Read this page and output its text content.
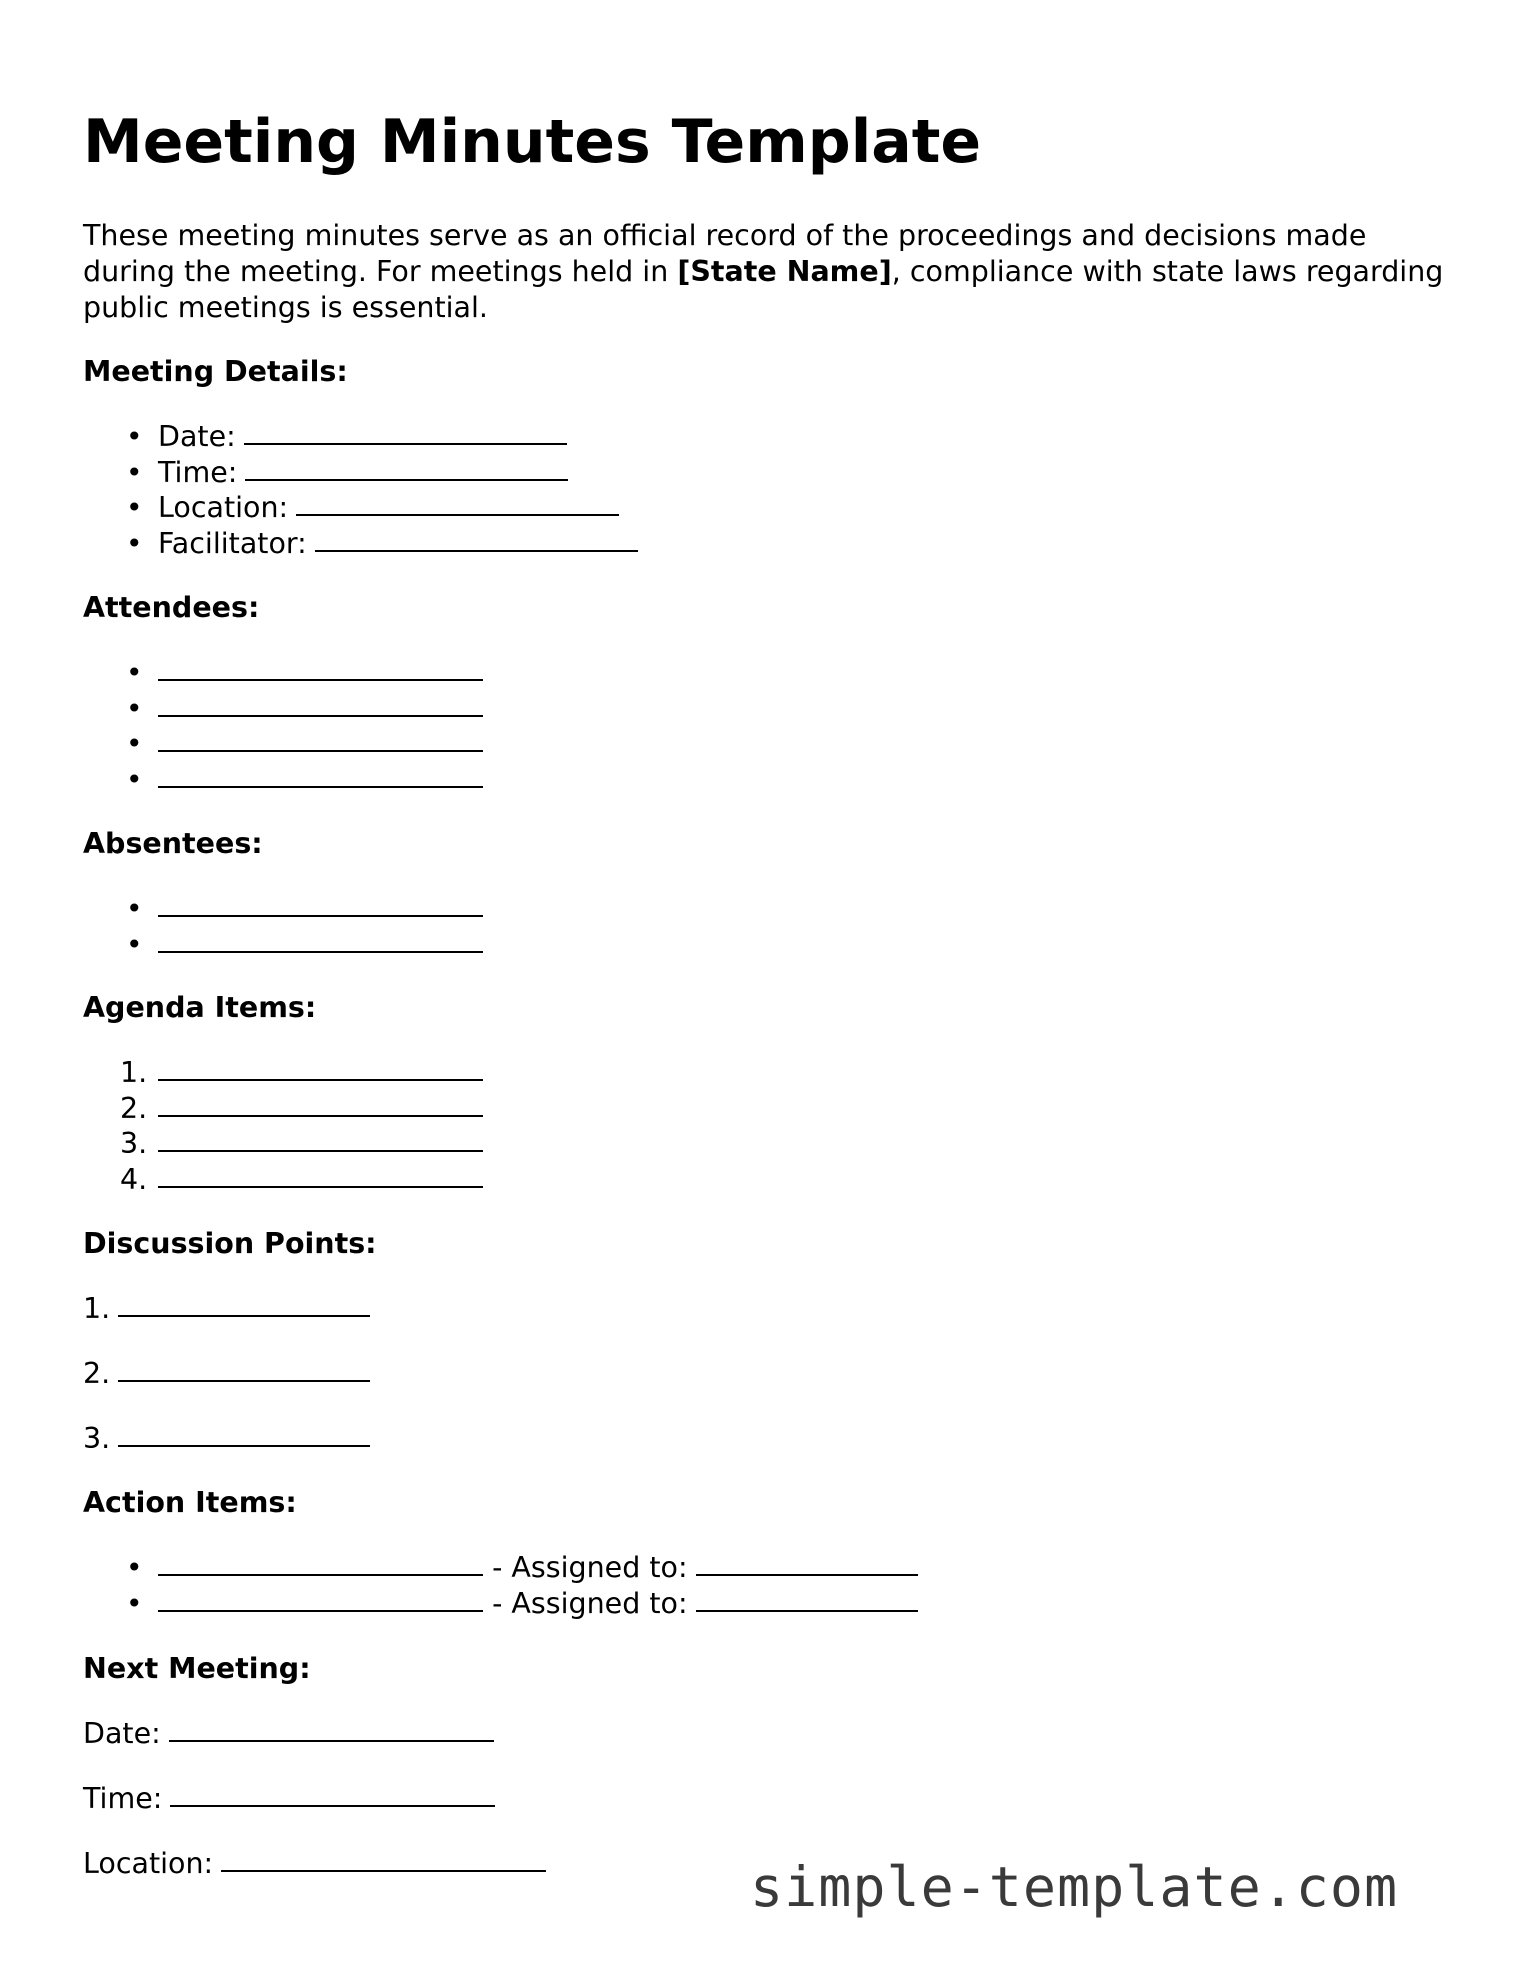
Meeting Minutes Template

These meeting minutes serve as an official record of the proceedings and decisions made during the meeting. For meetings held in [State Name], compliance with state laws regarding public meetings is essential.

Meeting Details:
• Date:
• Time:
• Location:
• Facilitator:
Attendees:
•
•
•
•
Absentees:
•
•
Agenda Items:
1.
2.
3.
4.
Discussion Points:
1.
2.
3.
Action Items:
•	- Assigned to:
•	- Assigned to:
Next Meeting:
Date:
Time:
Location:	simple-template.com
